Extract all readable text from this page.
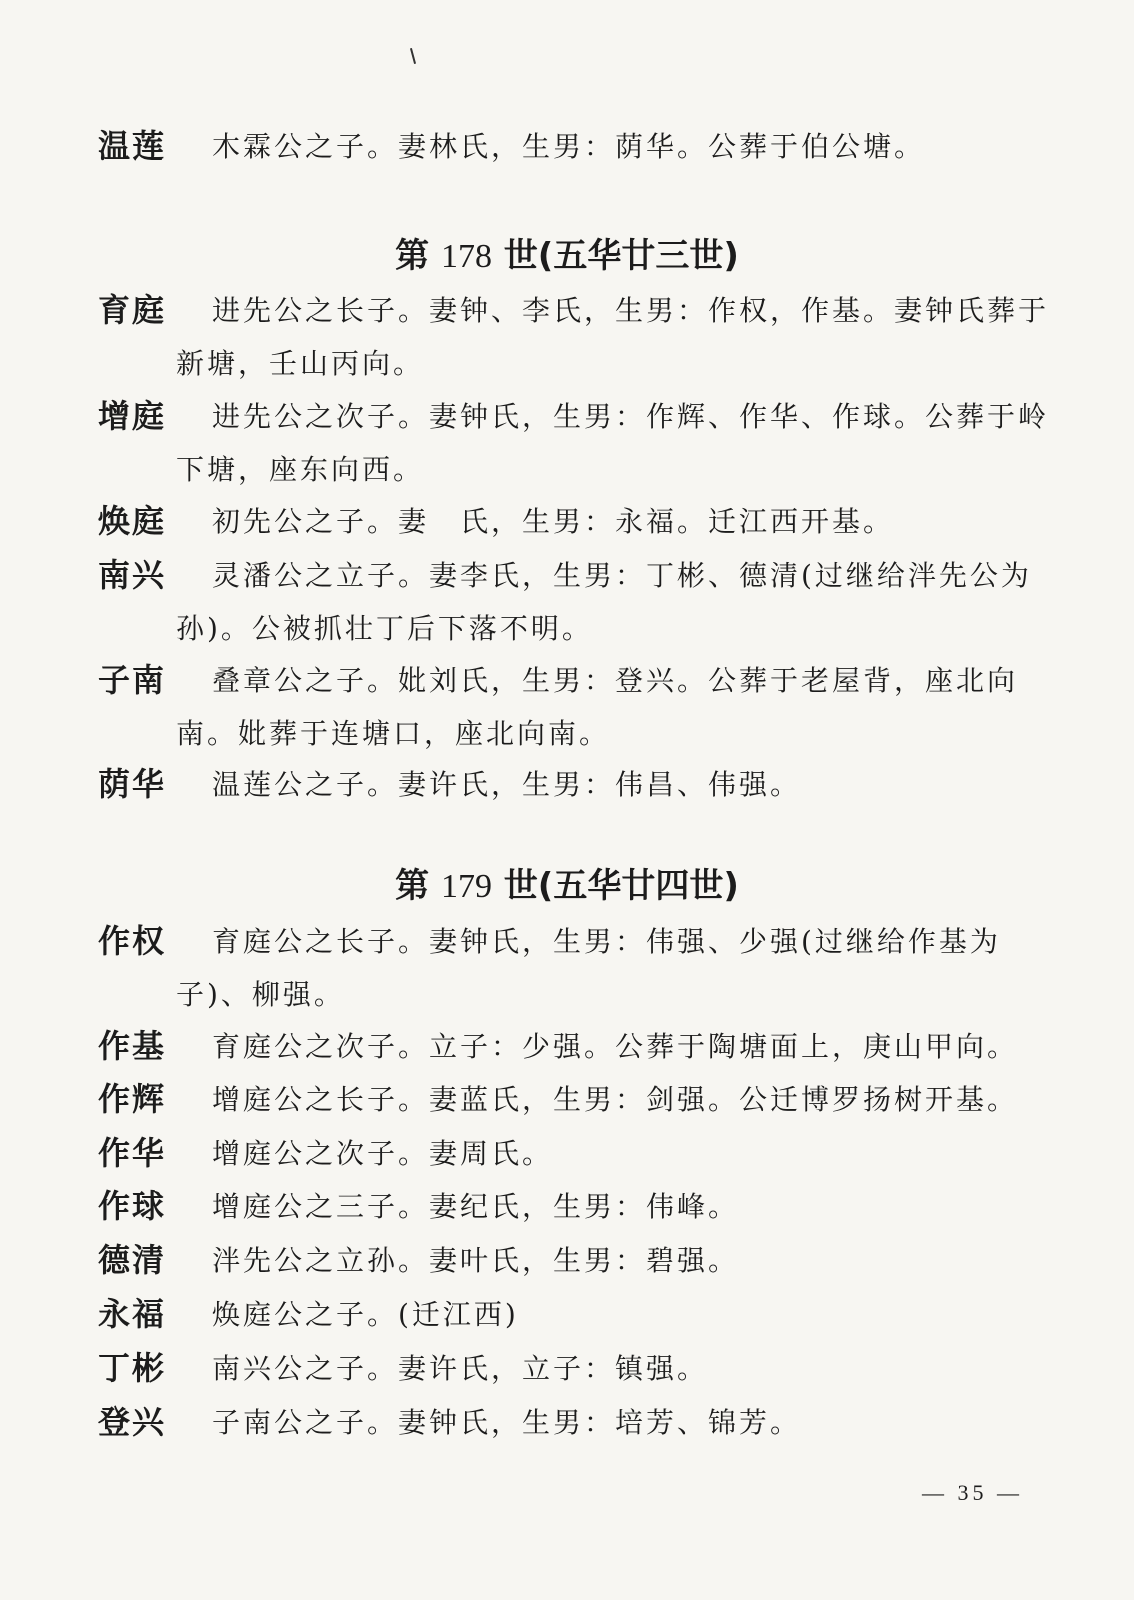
温莲	木霖公之子。妻林氏，生男：荫华。公葬于伯公塘。
第 178 世(五华廿三世)
育庭	进先公之长子。妻钟、李氏，生男：作权，作基。妻钟氏葬于新塘，壬山丙向。
增庭	进先公之次子。妻钟氏，生男：作辉、作华、作球。公葬于岭下塘，座东向西。
焕庭	初先公之子。妻　氏，生男：永福。迁江西开基。
南兴	灵潘公之立子。妻李氏，生男：丁彬、德清(过继给泮先公为孙)。公被抓壮丁后下落不明。
子南	叠章公之子。妣刘氏，生男：登兴。公葬于老屋背，座北向南。妣葬于连塘口，座北向南。
荫华	温莲公之子。妻许氏，生男：伟昌、伟强。
第 179 世(五华廿四世)
作权	育庭公之长子。妻钟氏，生男：伟强、少强(过继给作基为子)、柳强。
作基	育庭公之次子。立子：少强。公葬于陶塘面上，庚山甲向。
作辉	增庭公之长子。妻蓝氏，生男：剑强。公迁博罗扬树开基。
作华	增庭公之次子。妻周氏。
作球	增庭公之三子。妻纪氏，生男：伟峰。
德清	泮先公之立孙。妻叶氏，生男：碧强。
永福	焕庭公之子。(迁江西)
丁彬	南兴公之子。妻许氏，立子：镇强。
登兴	子南公之子。妻钟氏，生男：培芳、锦芳。
— 35 —
